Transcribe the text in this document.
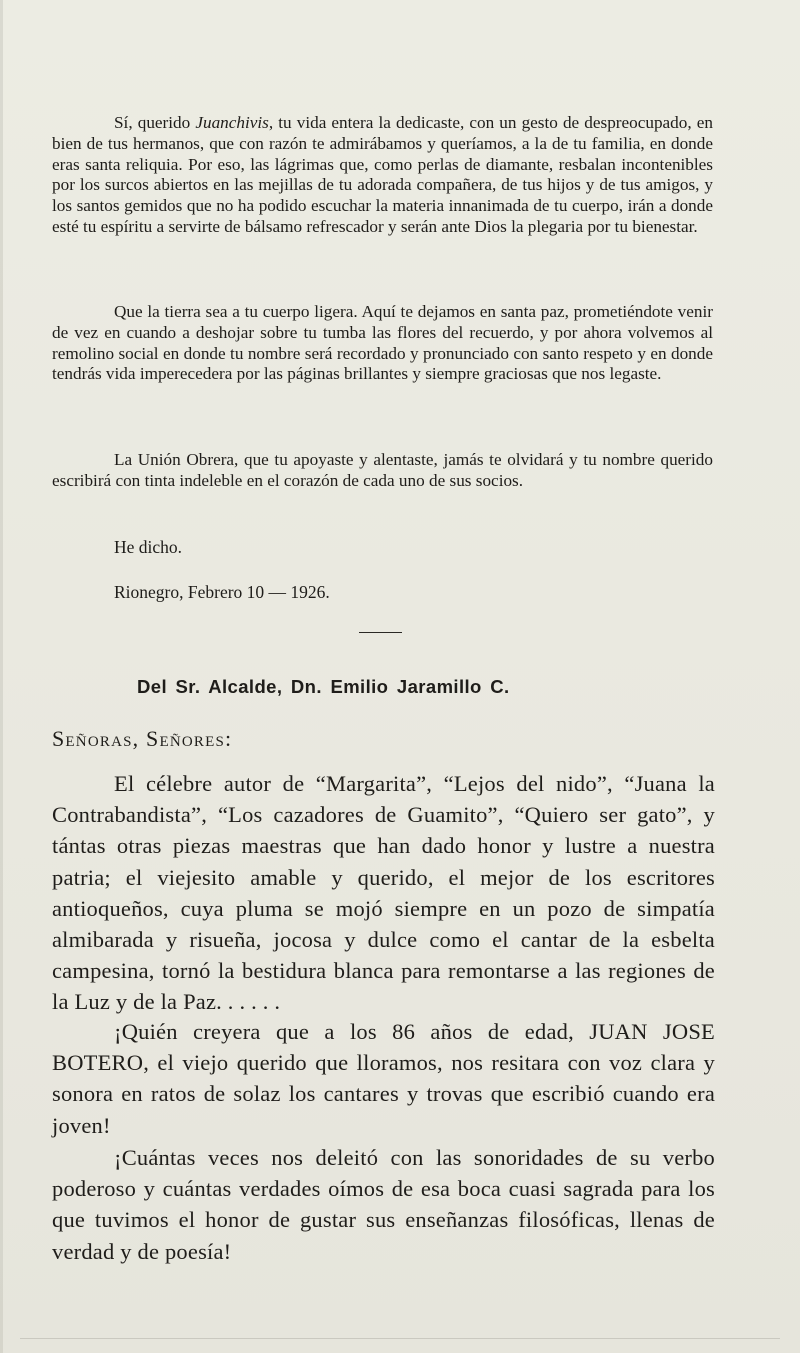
Sí, querido Juanchivis, tu vida entera la dedicaste, con un gesto de despreocupado, en bien de tus hermanos, que con razón te admirábamos y queríamos, a la de tu familia, en donde eras santa reliquia. Por eso, las lágrimas que, como perlas de diamante, resbalan incontenibles por los surcos abiertos en las mejillas de tu adorada compañera, de tus hijos y de tus amigos, y los santos gemidos que no ha podido escuchar la materia innanimada de tu cuerpo, irán a donde esté tu espíritu a servirte de bálsamo refrescador y serán ante Dios la plegaria por tu bienestar.

Que la tierra sea a tu cuerpo ligera. Aquí te dejamos en santa paz, prometiéndote venir de vez en cuando a deshojar sobre tu tumba las flores del recuerdo, y por ahora volvemos al remolino social en donde tu nombre será recordado y pronunciado con santo respeto y en donde tendrás vida imperecedera por las páginas brillantes y siempre graciosas que nos legaste.

La Unión Obrera, que tu apoyaste y alentaste, jamás te olvidará y tu nombre querido escribirá con tinta indeleble en el corazón de cada uno de sus socios.

He dicho.
Rionegro, Febrero 10 — 1926.
Del Sr. Alcalde, Dn. Emilio Jaramillo C.
Señoras, Señores:

El célebre autor de “Margarita”, “Lejos del nido”, “Juana la Contrabandista”, “Los cazadores de Guamito”, “Quiero ser gato”, y tántas otras piezas maestras que han dado honor y lustre a nuestra patria; el viejesito amable y querido, el mejor de los escritores antioqueños, cuya pluma se mojó siempre en un pozo de simpatía almibarada y risueña, jocosa y dulce como el cantar de la esbelta campesina, tornó la bestidura blanca para remontarse a las regiones de la Luz y de la Paz. . . . . .

¡Quién creyera que a los 86 años de edad, JUAN JOSE BOTERO, el viejo querido que lloramos, nos resitara con voz clara y sonora en ratos de solaz los cantares y trovas que escribió cuando era joven!

¡Cuántas veces nos deleitó con las sonoridades de su verbo poderoso y cuántas verdades oímos de esa boca cuasi sagrada para los que tuvimos el honor de gustar sus enseñanzas filosóficas, llenas de verdad y de poesía!
